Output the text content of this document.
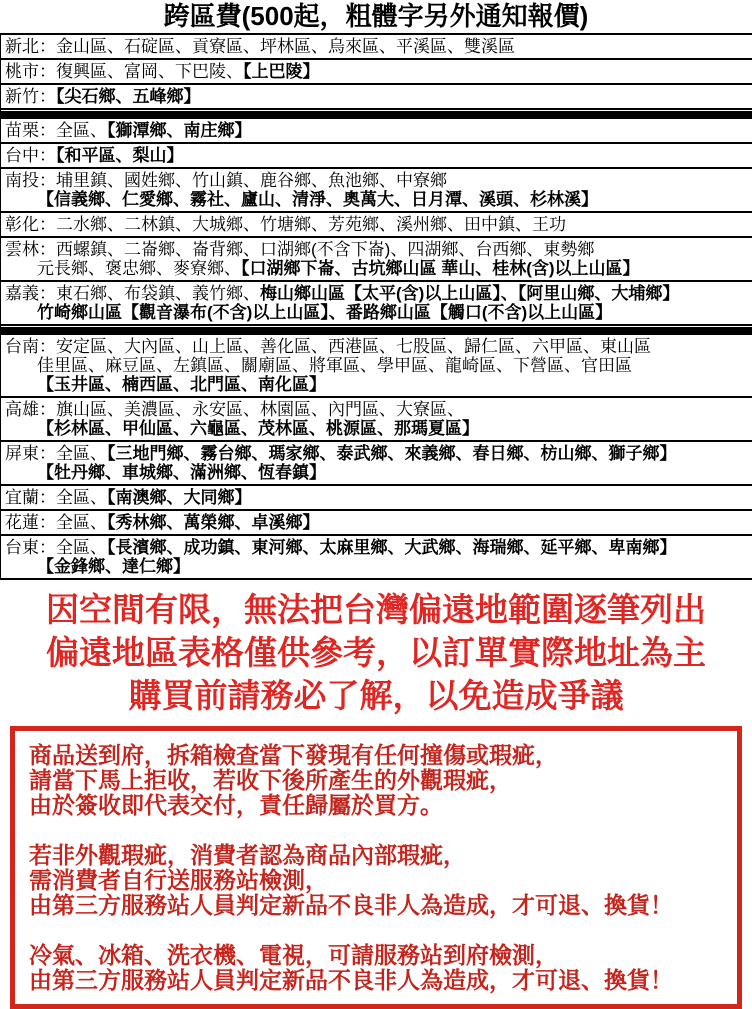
跨區費(500起，粗體字另外通知報價)
新北：金山區、石碇區、貢寮區、坪林區、烏來區、平溪區、雙溪區
桃市：復興區、富岡、下巴陵、【上巴陵】
新竹：【尖石鄉、五峰鄉】
苗栗：全區、【獅潭鄉、南庄鄉】
台中：【和平區、梨山】
南投：埔里鎮、國姓鄉、竹山鎮、鹿谷鄉、魚池鄉、中寮鄉
【信義鄉、仁愛鄉、霧社、廬山、清淨、奧萬大、日月潭、溪頭、杉林溪】
彰化：二水鄉、二林鎮、大城鄉、竹塘鄉、芳苑鄉、溪州鄉、田中鎮、王功
雲林：西螺鎮、二崙鄉、崙背鄉、口湖鄉(不含下崙)、四湖鄉、台西鄉、東勢鄉
元長鄉、褒忠鄉、麥寮鄉、【口湖鄉下崙、古坑鄉山區 華山、桂林(含)以上山區】
嘉義：東石鄉、布袋鎮、義竹鄉、梅山鄉山區【太平(含)以上山區】、【阿里山鄉、大埔鄉】
竹崎鄉山區【觀音瀑布(不含)以上山區】、番路鄉山區【觸口(不含)以上山區】
台南：安定區、大內區、山上區、善化區、西港區、七股區、歸仁區、六甲區、東山區
佳里區、麻豆區、左鎮區、關廟區、將軍區、學甲區、龍崎區、下營區、官田區
【玉井區、楠西區、北門區、南化區】
高雄：旗山區、美濃區、永安區、林園區、內門區、大寮區、
【杉林區、甲仙區、六龜區、茂林區、桃源區、那瑪夏區】
屏東：全區、【三地門鄉、霧台鄉、瑪家鄉、泰武鄉、來義鄉、春日鄉、枋山鄉、獅子鄉】
【牡丹鄉、車城鄉、滿洲鄉、恆春鎮】
宜蘭：全區、【南澳鄉、大同鄉】
花蓮：全區、【秀林鄉、萬榮鄉、卓溪鄉】
台東：全區、【長濱鄉、成功鎮、東河鄉、太麻里鄉、大武鄉、海瑞鄉、延平鄉、卑南鄉】
【金鋒鄉、達仁鄉】
因空間有限，無法把台灣偏遠地範圍逐筆列出
偏遠地區表格僅供參考，以訂單實際地址為主
購買前請務必了解，以免造成爭議
商品送到府，拆箱檢查當下發現有任何撞傷或瑕疵，
請當下馬上拒收，若收下後所產生的外觀瑕疵，
由於簽收即代表交付，責任歸屬於買方。
若非外觀瑕疵，消費者認為商品內部瑕疵，
需消費者自行送服務站檢測，
由第三方服務站人員判定新品不良非人為造成，才可退、換貨！
冷氣、冰箱、洗衣機、電視，可請服務站到府檢測，
由第三方服務站人員判定新品不良非人為造成，才可退、換貨！
